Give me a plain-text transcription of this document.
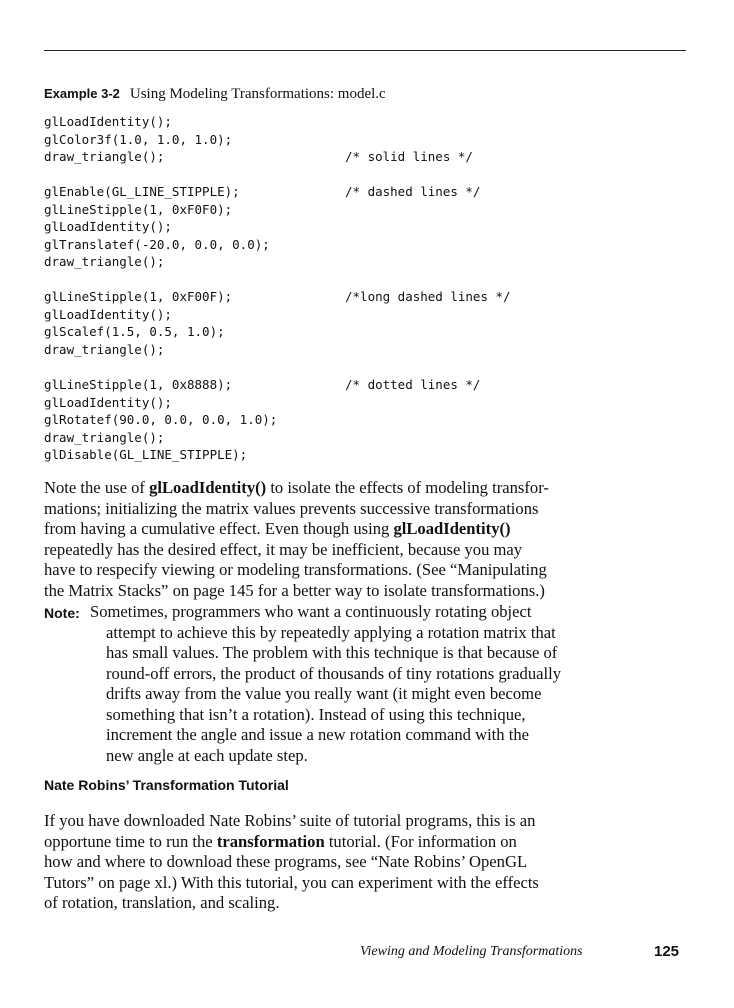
Example 3-2 Using Modeling Transformations: model.c
glLoadIdentity();
glColor3f(1.0, 1.0, 1.0);
draw_triangle();	/* solid lines */
glEnable(GL_LINE_STIPPLE);	/* dashed lines */
glLineStipple(1, 0xF0F0);
glLoadIdentity();
glTranslatef(-20.0, 0.0, 0.0);
draw_triangle();
glLineStipple(1, 0xF00F);	/*long dashed lines */
glLoadIdentity();
glScalef(1.5, 0.5, 1.0);
draw_triangle();
glLineStipple(1, 0x8888);	/* dotted lines */
glLoadIdentity();
glRotatef(90.0, 0.0, 0.0, 1.0);
draw_triangle();
glDisable(GL_LINE_STIPPLE);
Note the use of glLoadIdentity() to isolate the effects of modeling transfor-
mations; initializing the matrix values prevents successive transformations
from having a cumulative effect. Even though using glLoadIdentity()
repeatedly has the desired effect, it may be inefficient, because you may
have to respecify viewing or modeling transformations. (See “Manipulating
the Matrix Stacks” on page 145 for a better way to isolate transformations.)
Note: Sometimes, programmers who want a continuously rotating object
attempt to achieve this by repeatedly applying a rotation matrix that
has small values. The problem with this technique is that because of
round-off errors, the product of thousands of tiny rotations gradually
drifts away from the value you really want (it might even become
something that isn’t a rotation). Instead of using this technique,
increment the angle and issue a new rotation command with the
new angle at each update step.
Nate Robins’ Transformation Tutorial
If you have downloaded Nate Robins’ suite of tutorial programs, this is an
opportune time to run the transformation tutorial. (For information on
how and where to download these programs, see “Nate Robins’ OpenGL
Tutors” on page xl.) With this tutorial, you can experiment with the effects
of rotation, translation, and scaling.
Viewing and Modeling Transformations	125
